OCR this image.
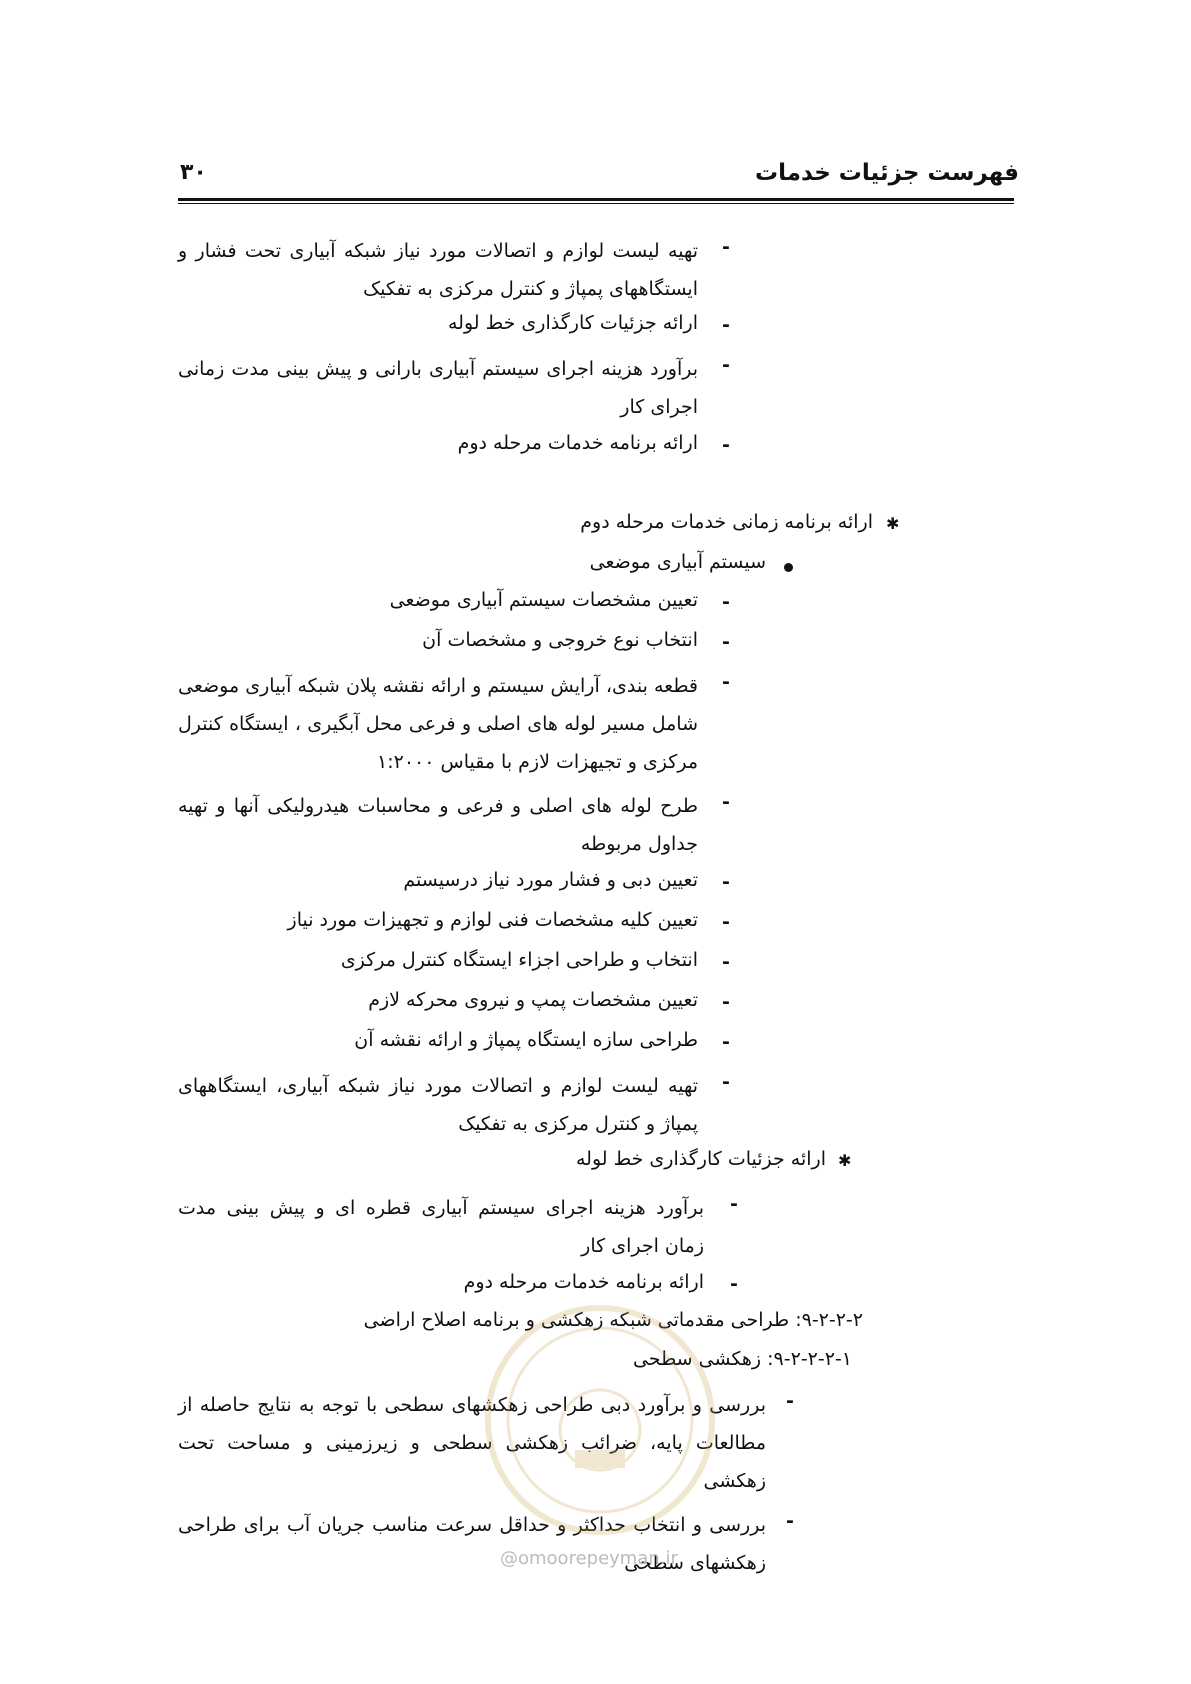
فهرست جزئیات خدمات
۳۰
-
تهیه لیست لوازم و اتصالات مورد نیاز شبکه آبیاری تحت فشار و ایستگاههای پمپاژ و کنترل مرکزی به تفکیک
-
ارائه جزئیات کارگذاری خط لوله
-
برآورد هزینه اجرای سیستم آبیاری بارانی و پیش بینی مدت زمانی اجرای کار
-
ارائه برنامه خدمات مرحله دوم
✱
ارائه برنامه زمانی خدمات مرحله دوم
سیستم آبیاری موضعی
-
تعیین مشخصات سیستم آبیاری موضعی
-
انتخاب نوع خروجی و مشخصات آن
-
قطعه بندی، آرایش سیستم و ارائه نقشه پلان شبکه آبیاری موضعی شامل مسیر لوله های اصلی و فرعی محل آبگیری ، ایستگاه کنترل مرکزی و تجیهزات لازم با مقیاس ۱:۲۰۰۰
-
طرح لوله های اصلی و فرعی و محاسبات هیدرولیکی آنها و تهیه جداول مربوطه
-
تعیین دبی و فشار مورد نیاز درسیستم
-
تعیین کلیه مشخصات فنی لوازم و تجهیزات مورد نیاز
-
انتخاب و طراحی اجزاء ایستگاه کنترل مرکزی
-
تعیین مشخصات پمپ و نیروی محرکه لازم
-
طراحی سازه ایستگاه پمپاژ و ارائه نقشه آن
-
تهیه لیست لوازم و اتصالات مورد نیاز شبکه آبیاری، ایستگاههای پمپاژ و کنترل مرکزی به تفکیک
✱
ارائه جزئیات کارگذاری خط لوله
-
برآورد هزینه اجرای سیستم آبیاری قطره ای و پیش بینی مدت زمان اجرای کار
-
ارائه برنامه خدمات مرحله دوم
۹-۲-۲-۲: طراحی مقدماتی شبکه زهکشی و برنامه اصلاح اراضی
۹-۲-۲-۲-۱: زهکشی سطحی
-
بررسی و برآورد دبی طراحی زهکشهای سطحی با توجه به نتایج حاصله از مطالعات پایه، ضرائب زهکشی سطحی و زیرزمینی و مساحت تحت زهکشی
-
بررسی و انتخاب حداکثر و حداقل سرعت مناسب جریان آب برای طراحی زهکشهای سطحی
@omoorepeyman.ir
